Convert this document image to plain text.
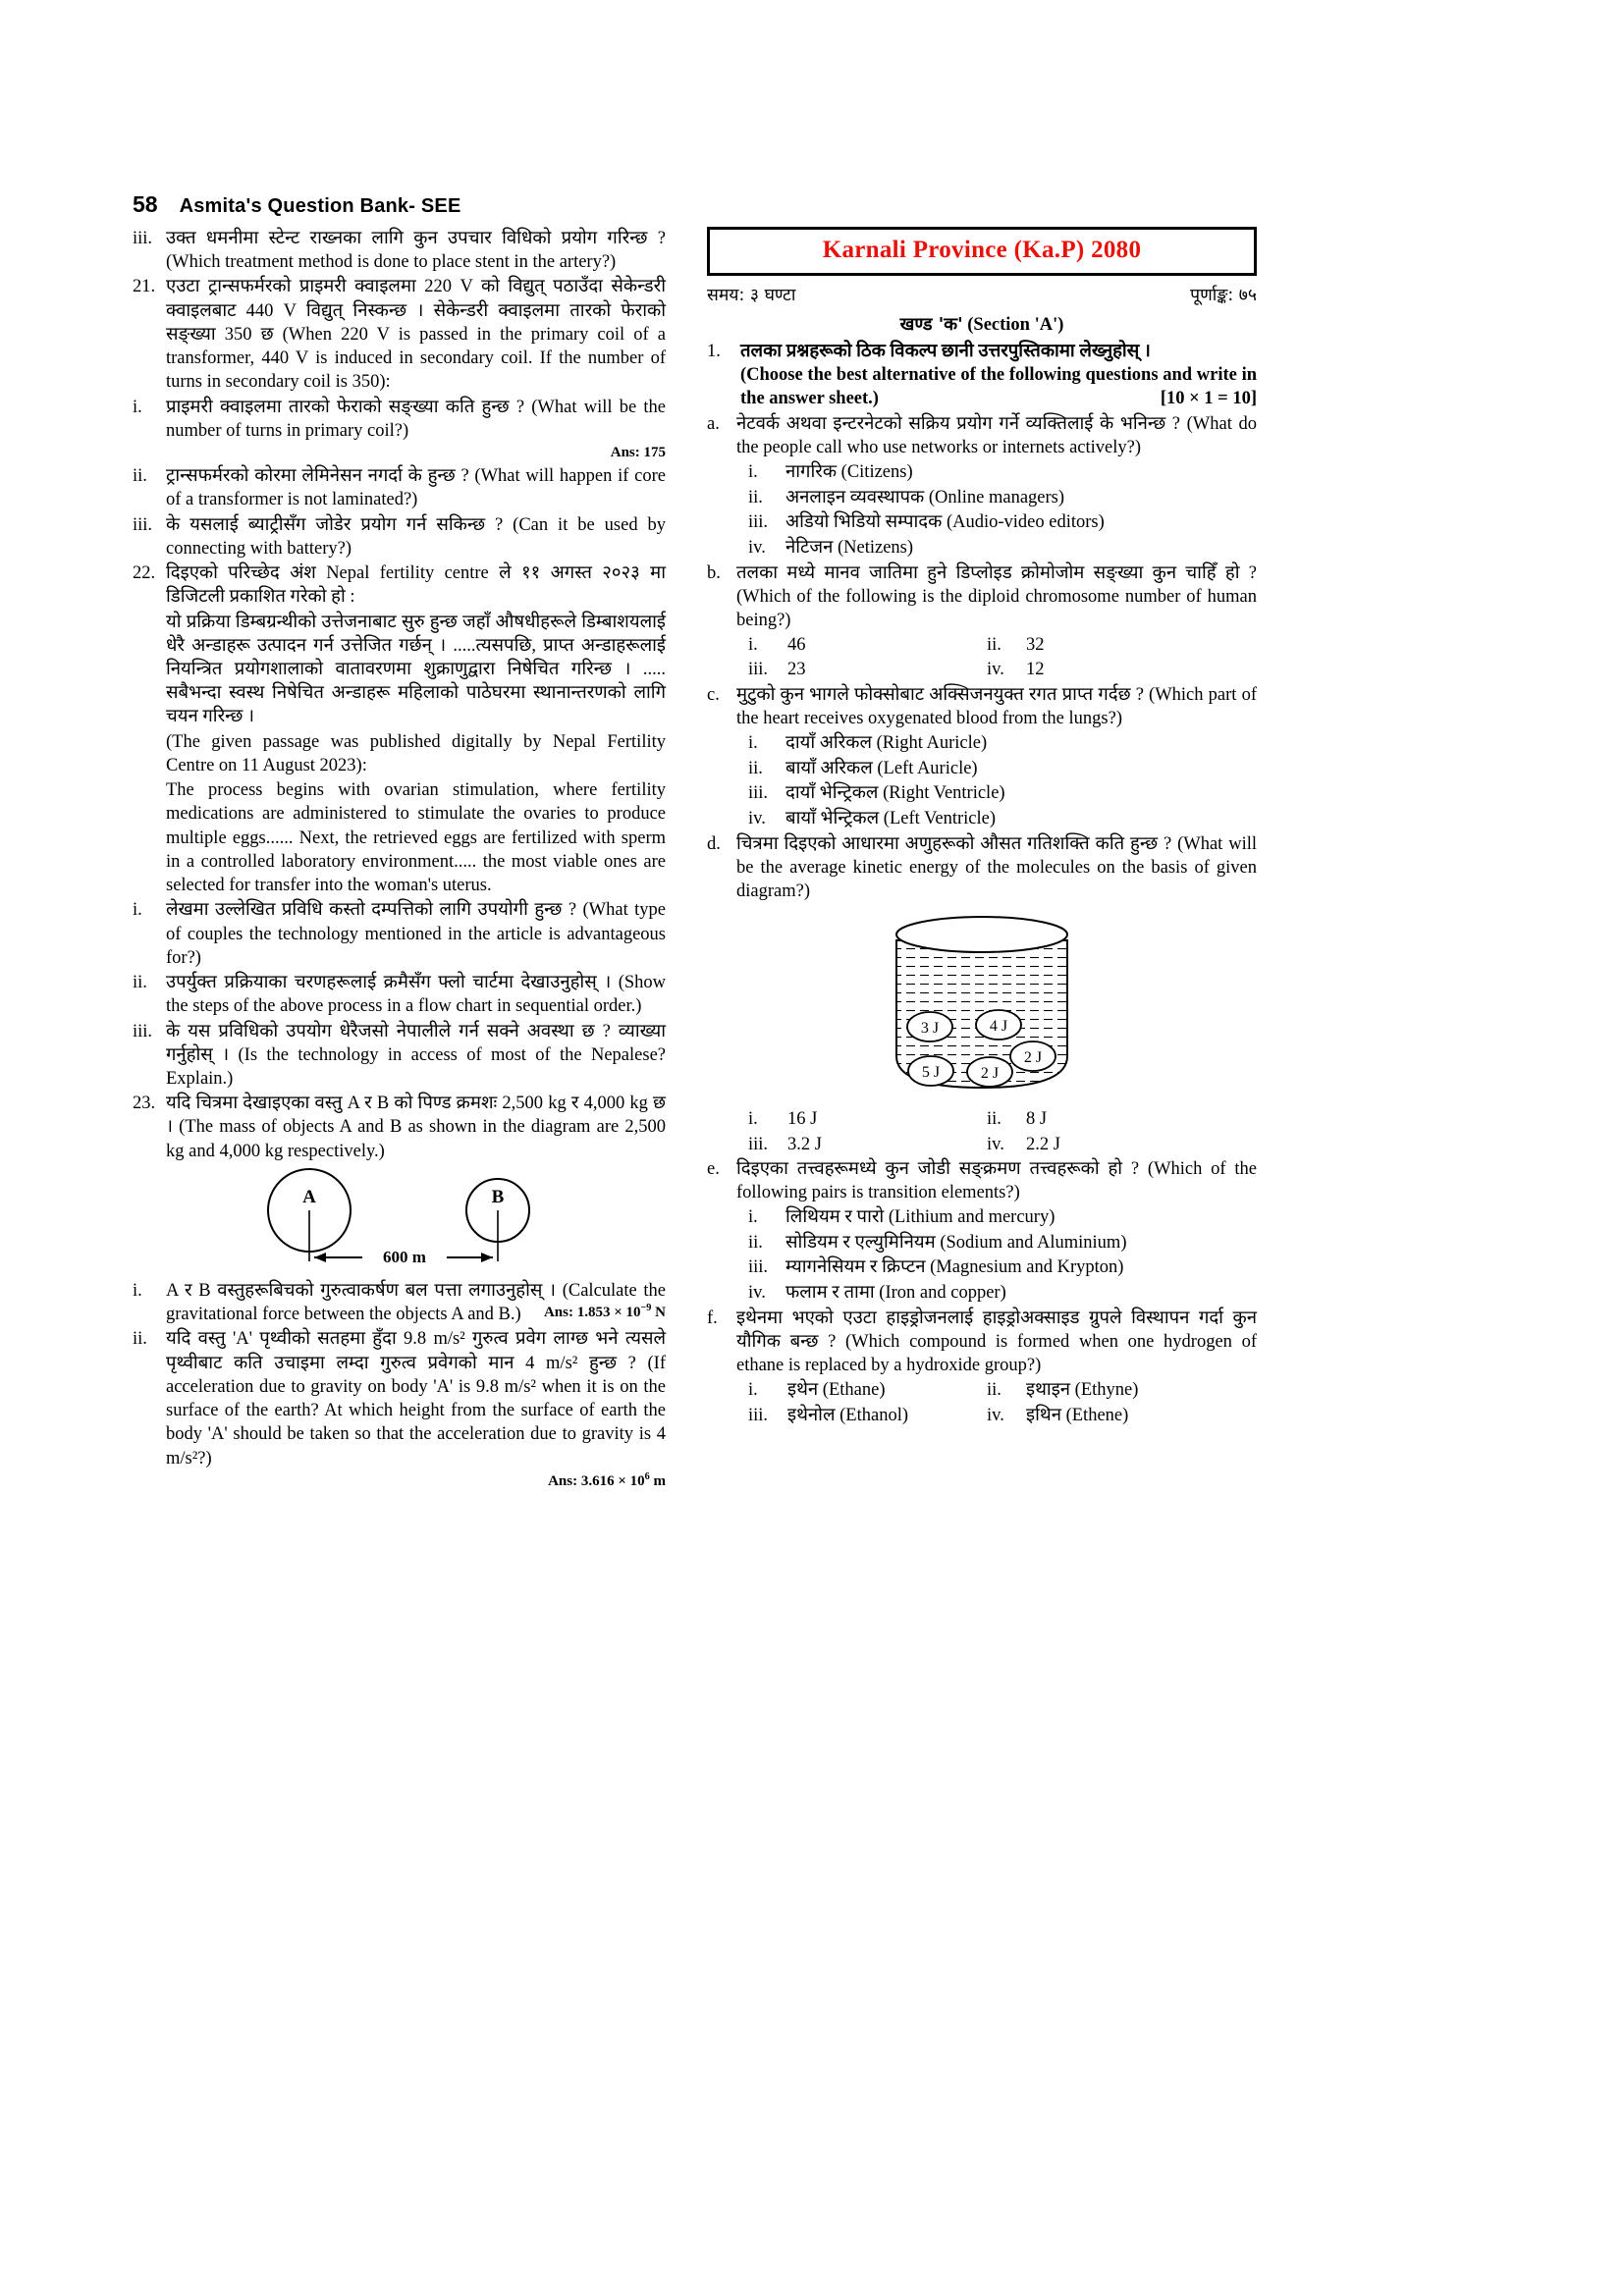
58 Asmita's Question Bank- SEE
iii. उक्त धमनीमा स्टेन्ट राख्नका लागि कुन उपचार विधिको प्रयोग गरिन्छ ? (Which treatment method is done to place stent in the artery?)
21. एउटा ट्रान्सफर्मरको प्राइमरी क्वाइलमा 220 V को विद्युत् पठाउँदा सेकेन्डरी क्वाइलबाट 440 V विद्युत् निस्कन्छ । सेकेन्डरी क्वाइलमा तारको फेराको सङ्ख्या 350 छ (When 220 V is passed in the primary coil of a transformer, 440 V is induced in secondary coil. If the number of turns in secondary coil is 350):
i.	प्राइमरी क्वाइलमा तारको फेराको सङ्ख्या कति हुन्छ ? (What will be the number of turns in primary coil?)
Ans: 175
ii.	ट्रान्सफर्मरको कोरमा लेमिनेसन नगर्दा के हुन्छ ? (What will happen if core of a transformer is not laminated?)
iii. के यसलाई ब्याट्रीसँग जोडेर प्रयोग गर्न सकिन्छ ? (Can it be used by connecting with battery?)
22. दिइएको परिच्छेद अंश Nepal fertility centre ले ११ अगस्त २०२३ मा डिजिटली प्रकाशित गरेको हो :
यो प्रक्रिया डिम्बग्रन्थीको उत्तेजनाबाट सुरु हुन्छ जहाँ औषधीहरूले डिम्बाशयलाई धेरै अन्डाहरू उत्पादन गर्न उत्तेजित गर्छन् । .....त्यसपछि, प्राप्त अन्डाहरूलाई नियन्त्रित प्रयोगशालाको वातावरणमा शुक्राणुद्वारा निषेचित गरिन्छ । ..... सबैभन्दा स्वस्थ निषेचित अन्डाहरू महिलाको पाठेघरमा स्थानान्तरणको लागि चयन गरिन्छ ।
(The given passage was published digitally by Nepal Fertility Centre on 11 August 2023):
The process begins with ovarian stimulation, where fertility medications are administered to stimulate the ovaries to produce multiple eggs...... Next, the retrieved eggs are fertilized with sperm in a controlled laboratory environment..... the most viable ones are selected for transfer into the woman's uterus.
i.	लेखमा उल्लेखित प्रविधि कस्तो दम्पत्तिको लागि उपयोगी हुन्छ ? (What type of couples the technology mentioned in the article is advantageous for?)
ii.	उपर्युक्त प्रक्रियाका चरणहरूलाई क्रमैसँग फ्लो चार्टमा देखाउनुहोस् । (Show the steps of the above process in a flow chart in sequential order.)
iii. के यस प्रविधिको उपयोग धेरैजसो नेपालीले गर्न सक्ने अवस्था छ ? व्याख्या गर्नुहोस् । (Is the technology in access of most of the Nepalese? Explain.)
23. यदि चित्रमा देखाइएका वस्तु A र B को पिण्ड क्रमशः 2,500 kg र 4,000 kg छ । (The mass of objects A and B as shown in the diagram are 2,500 kg and 4,000 kg respectively.)
A	B
600 m
i.	A र B वस्तुहरूबिचको गुरुत्वाकर्षण बल पत्ता लगाउनुहोस् । (Calculate the gravitational force between the objects A and B.) Ans: $1.853 \times 10^{-9}$ N
ii.	यदि वस्तु 'A' पृथ्वीको सतहमा हुँदा 9.8 m/s² गुरुत्व प्रवेग लाग्छ भने त्यसले पृथ्वीबाट कति उचाइमा लम्दा गुरुत्व प्रवेगको मान 4 m/s² हुन्छ ? (If acceleration due to gravity on body 'A' is 9.8 m/s² when it is on the surface of the earth? At which height from the surface of earth the body 'A' should be taken so that the acceleration due to gravity is 4 m/s²?)
Ans: $3.616 \times 10^6$ m
Karnali Province (Ka.P) 2080
समय: ३ घण्टा	पूर्णाङ्क: ७५
खण्ड 'क' (Section 'A')
1.	तलका प्रश्नहरूको ठिक विकल्प छानी उत्तरपुस्तिकामा लेख्नुहोस् ।
(Choose the best alternative of the following questions and write in the answer sheet.)	[10 × 1 = 10]
a. नेटवर्क अथवा इन्टरनेटको सक्रिय प्रयोग गर्ने व्यक्तिलाई के भनिन्छ ? (What do the people call who use networks or internets actively?)
i.	नागरिक (Citizens)
ii.	अनलाइन व्यवस्थापक (Online managers)
iii. अडियो भिडियो सम्पादक (Audio-video editors)
iv.	नेटिजन (Netizens)
b. तलका मध्ये मानव जातिमा हुने डिप्लोइड क्रोमोजोम सङ्ख्या कुन चाहिँ हो ? (Which of the following is the diploid chromosome number of human being?)
i.	46	ii.	32
iii.	23	iv.	12
c. मुटुको कुन भागले फोक्सोबाट अक्सिजनयुक्त रगत प्राप्त गर्दछ ? (Which part of the heart receives oxygenated blood from the lungs?)
i.	दायाँ अरिकल (Right Auricle)
ii.	बायाँ अरिकल (Left Auricle)
iii. दायाँ भेन्ट्रिकल (Right Ventricle)
iv.	बायाँ भेन्ट्रिकल (Left Ventricle)
d. चित्रमा दिइएको आधारमा अणुहरूको औसत गतिशक्ति कति हुन्छ ? (What will be the average kinetic energy of the molecules on the basis of given diagram?)
3 J	4 J
5 J	2 J
2 J
i.	16 J	ii.	8 J
iii.	3.2 J	iv.	2.2 J
e. दिइएका तत्त्वहरूमध्ये कुन जोडी सङ्क्रमण तत्त्वहरूको हो ? (Which of the following pairs is transition elements?)
i.	लिथियम र पारो (Lithium and mercury)
ii.	सोडियम र एल्युमिनियम (Sodium and Aluminium)
iii. म्यागनेसियम र क्रिप्टन (Magnesium and Krypton)
iv.	फलाम र तामा (Iron and copper)
f.	इथेनमा भएको एउटा हाइड्रोजनलाई हाइड्रोअक्साइड ग्रुपले विस्थापन गर्दा कुन यौगिक बन्छ ? (Which compound is formed when one hydrogen of ethane is replaced by a hydroxide group?)
i.	इथेन (Ethane)	ii.	इथाइन (Ethyne)
iii.	इथेनोल (Ethanol)	iv.	इथिन (Ethene)
